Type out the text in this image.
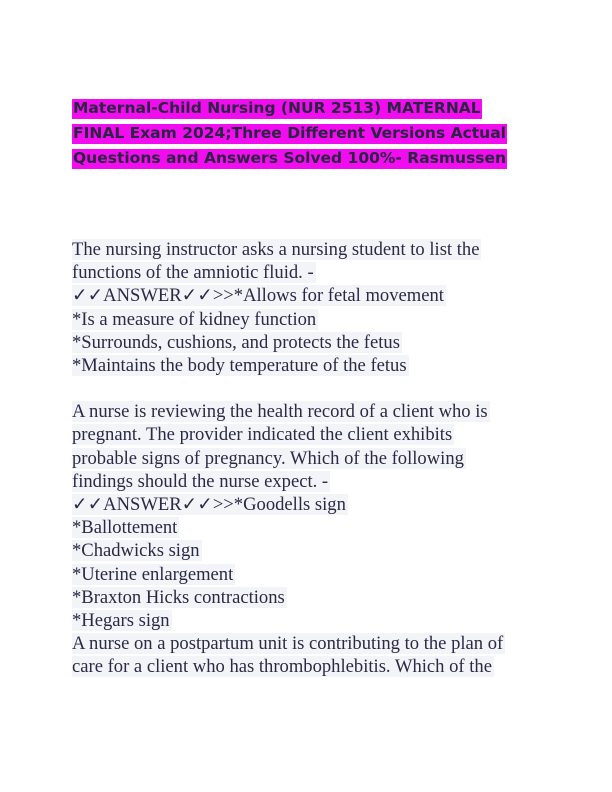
Maternal-Child Nursing (NUR 2513) MATERNAL
FINAL Exam 2024;Three Different Versions Actual
Questions and Answers Solved 100%- Rasmussen
The nursing instructor asks a nursing student to list the
functions of the amniotic fluid. -
✓✓ANSWER✓✓>>*Allows for fetal movement
*Is a measure of kidney function
*Surrounds, cushions, and protects the fetus
*Maintains the body temperature of the fetus
A nurse is reviewing the health record of a client who is
pregnant. The provider indicated the client exhibits
probable signs of pregnancy. Which of the following
findings should the nurse expect. -
✓✓ANSWER✓✓>>*Goodells sign
*Ballottement
*Chadwicks sign
*Uterine enlargement
*Braxton Hicks contractions
*Hegars sign
A nurse on a postpartum unit is contributing to the plan of
care for a client who has thrombophlebitis. Which of the
